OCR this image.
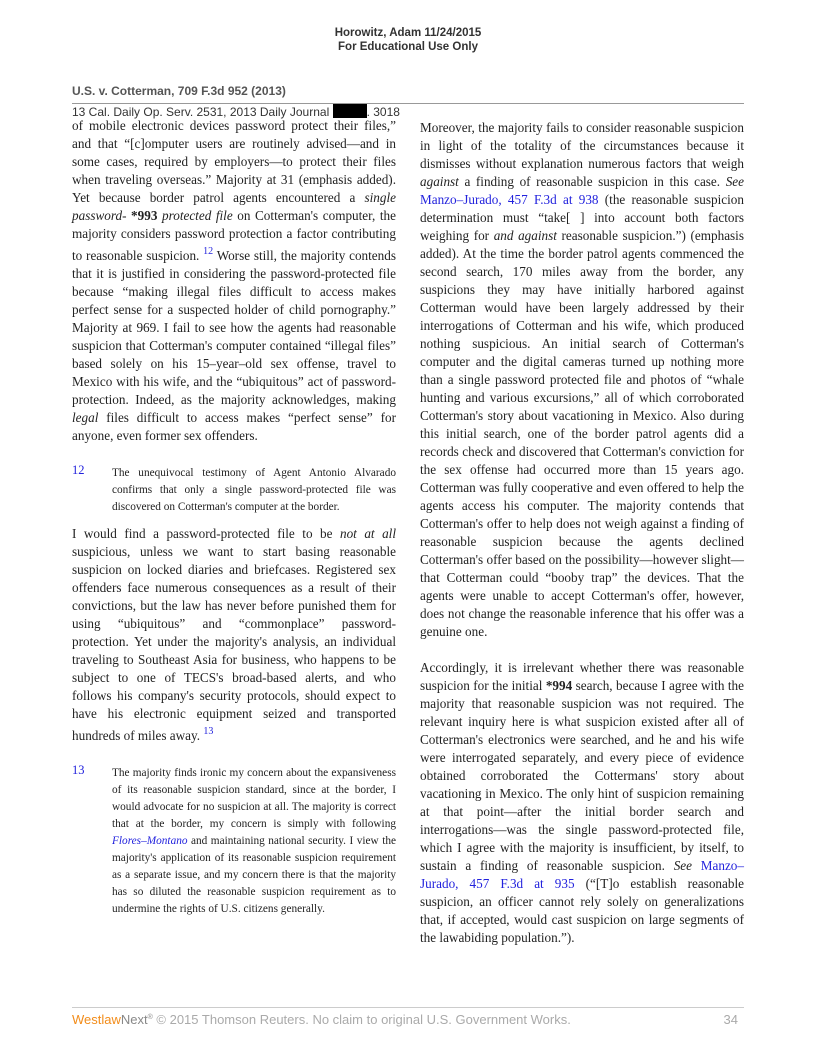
Horowitz, Adam 11/24/2015
For Educational Use Only
U.S. v. Cotterman, 709 F.3d 952 (2013)
13 Cal. Daily Op. Serv. 2531, 2013 Daily Journal	. 3018

of mobile electronic devices password protect their files,” and that “[c]omputer users are routinely advised—and in some cases, required by employers—to protect their files when traveling overseas.” Majority at 31 (emphasis added). Yet because border patrol agents encountered a single password- *993 protected file on Cotterman's computer, the majority considers password protection a factor contributing to reasonable suspicion. $^{12}$ Worse still, the majority contends that it is justified in considering the password-protected file because “making illegal files difficult to access makes perfect sense for a suspected holder of child pornography.” Majority at 969. I fail to see how the agents had reasonable suspicion that Cotterman's computer contained “illegal files” based solely on his 15–year–old sex offense, travel to Mexico with his wife, and the “ubiquitous” act of password-protection. Indeed, as the majority acknowledges, making legal files difficult to access makes “perfect sense” for anyone, even former sex offenders.

12 The unequivocal testimony of Agent Antonio Alvarado confirms that only a single password-protected file was discovered on Cotterman's computer at the border.

I would find a password-protected file to be not at all suspicious, unless we want to start basing reasonable suspicion on locked diaries and briefcases. Registered sex offenders face numerous consequences as a result of their convictions, but the law has never before punished them for using “ubiquitous” and “commonplace” password-protection. Yet under the majority's analysis, an individual traveling to Southeast Asia for business, who happens to be subject to one of TECS's broad-based alerts, and who follows his company's security protocols, should expect to have his electronic equipment seized and transported hundreds of miles away. $^{13}$

13 The majority finds ironic my concern about the expansiveness of its reasonable suspicion standard, since at the border, I would advocate for no suspicion at all. The majority is correct that at the border, my concern is simply with following Flores–Montano and maintaining national security. I view the majority's application of its reasonable suspicion requirement as a separate issue, and my concern there is that the majority has so diluted the reasonable suspicion requirement as to undermine the rights of U.S. citizens generally.

Moreover, the majority fails to consider reasonable suspicion in light of the totality of the circumstances because it dismisses without explanation numerous factors that weigh against a finding of reasonable suspicion in this case. See Manzo–Jurado, 457 F.3d at 938 (the reasonable suspicion determination must “take[ ] into account both factors weighing for and against reasonable suspicion.”) (emphasis added). At the time the border patrol agents commenced the second search, 170 miles away from the border, any suspicions they may have initially harbored against Cotterman would have been largely addressed by their interrogations of Cotterman and his wife, which produced nothing suspicious. An initial search of Cotterman's computer and the digital cameras turned up nothing more than a single password protected file and photos of “whale hunting and various excursions,” all of which corroborated Cotterman's story about vacationing in Mexico. Also during this initial search, one of the border patrol agents did a records check and discovered that Cotterman's conviction for the sex offense had occurred more than 15 years ago. Cotterman was fully cooperative and even offered to help the agents access his computer. The majority contends that Cotterman's offer to help does not weigh against a finding of reasonable suspicion because the agents declined Cotterman's offer based on the possibility—however slight—that Cotterman could “booby trap” the devices. That the agents were unable to accept Cotterman's offer, however, does not change the reasonable inference that his offer was a genuine one.

Accordingly, it is irrelevant whether there was reasonable suspicion for the initial *994 search, because I agree with the majority that reasonable suspicion was not required. The relevant inquiry here is what suspicion existed after all of Cotterman's electronics were searched, and he and his wife were interrogated separately, and every piece of evidence obtained corroborated the Cottermans' story about vacationing in Mexico. The only hint of suspicion remaining at that point—after the initial border search and interrogations—was the single password-protected file, which I agree with the majority is insufficient, by itself, to sustain a finding of reasonable suspicion. See Manzo–Jurado, 457 F.3d at 935 (“[T]o establish reasonable suspicion, an officer cannot rely solely on generalizations that, if accepted, would cast suspicion on large segments of the lawabiding population.”).

WestlawNext® © 2015 Thomson Reuters. No claim to original U.S. Government Works.	34
